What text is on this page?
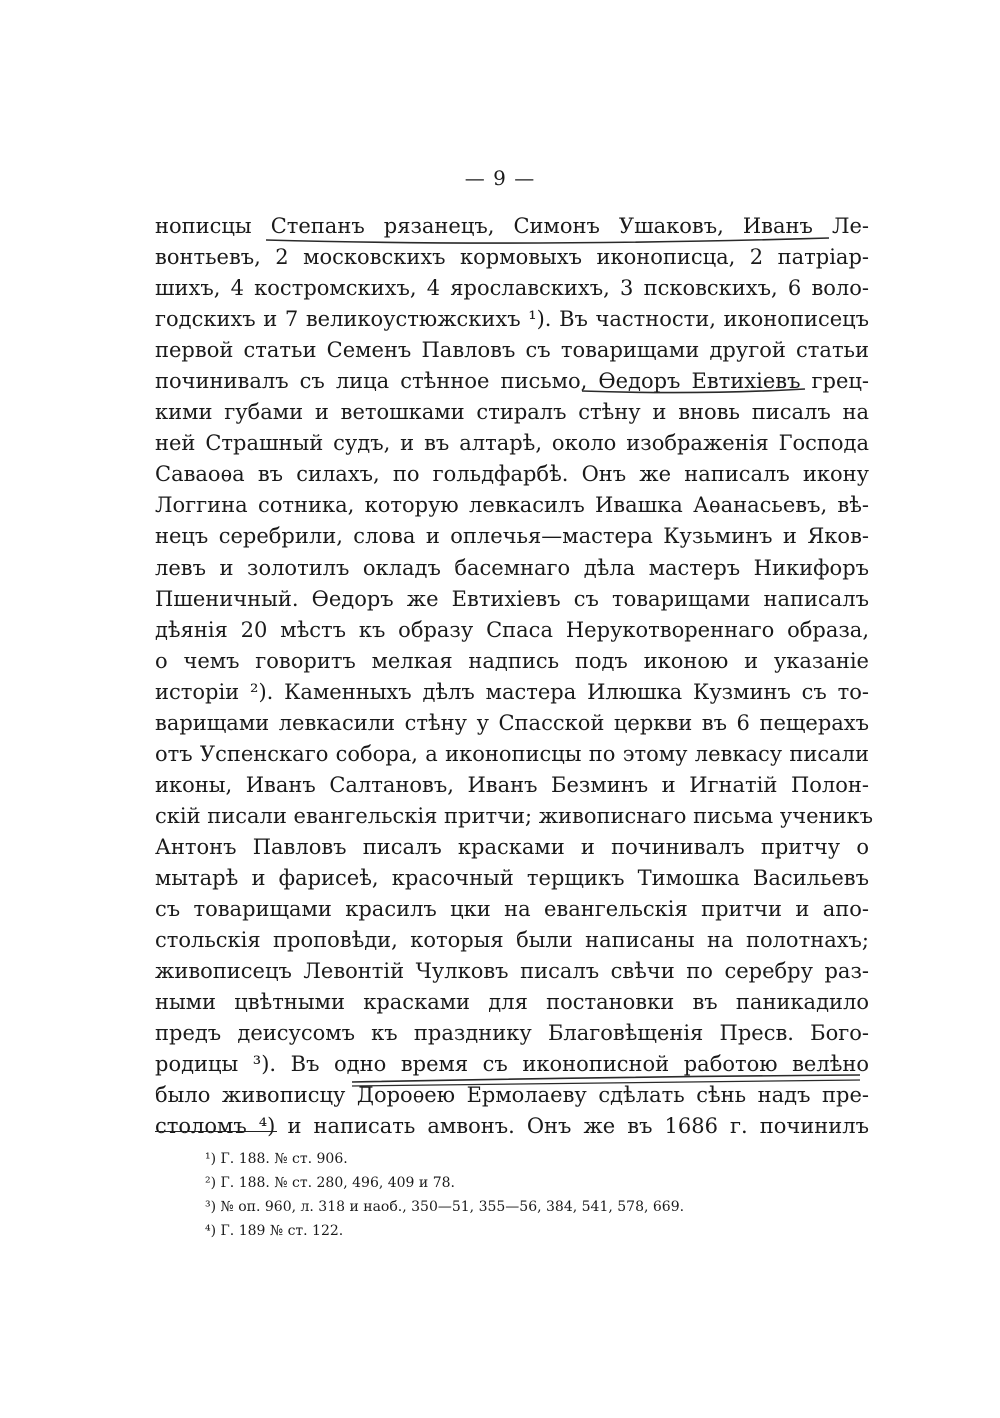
— 9 —
нописцы Степанъ рязанецъ, Симонъ Ушаковъ, Иванъ Ле-
вонтьевъ, 2 московскихъ кормовыхъ иконописца, 2 патріар-
шихъ, 4 костромскихъ, 4 ярославскихъ, 3 псковскихъ, 6 воло-
годскихъ и 7 великоустюжскихъ ¹). Въ частности, иконописецъ
первой статьи Семенъ Павловъ съ товарищами другой статьи
починивалъ съ лица стѣнное письмо, Ѳедоръ Евтихіевъ грец-
кими губами и ветошками стиралъ стѣну и вновь писалъ на
ней Страшный судъ, и въ алтарѣ, около изображенія Господа
Саваоѳа въ силахъ, по гольдфарбѣ. Онъ же написалъ икону
Логгина сотника, которую левкасилъ Ивашка Аѳанасьевъ, вѣ-
нецъ серебрили, слова и оплечья—мастера Кузьминъ и Яков-
левъ и золотилъ окладъ басемнаго дѣла мастеръ Никифоръ
Пшеничный. Ѳедоръ же Евтихіевъ съ товарищами написалъ
дѣянія 20 мѣстъ къ образу Спаса Нерукотвореннаго образа,
о чемъ говоритъ мелкая надпись подъ иконою и указаніе
исторіи ²). Каменныхъ дѣлъ мастера Илюшка Кузминъ съ то-
варищами левкасили стѣну у Спасской церкви въ 6 пещерахъ
отъ Успенскаго собора, а иконописцы по этому левкасу писали
иконы, Иванъ Салтановъ, Иванъ Безминъ и Игнатій Полон-
скій писали евангельскія притчи; живописнаго письма ученикъ
Антонъ Павловъ писалъ красками и починивалъ притчу о
мытарѣ и фарисеѣ, красочный терщикъ Тимошка Васильевъ
съ товарищами красилъ цки на евангельскія притчи и апо-
стольскія проповѣди, которыя были написаны на полотнахъ;
живописецъ Левонтій Чулковъ писалъ свѣчи по серебру раз-
ными цвѣтными красками для постановки въ паникадило
предъ деисусомъ къ празднику Благовѣщенія Пресв. Бого-
родицы ³). Въ одно время съ иконописной работою велѣно
было живописцу Дороѳею Ермолаеву сдѣлать сѣнь надъ пре-
столомъ ⁴) и написать амвонъ. Онъ же въ 1686 г. починилъ
¹) Г. 188. № ст. 906.
²) Г. 188. № ст. 280, 496, 409 и 78.
³) № оп. 960, л. 318 и наоб., 350—51, 355—56, 384, 541, 578, 669.
⁴) Г. 189 № ст. 122.
